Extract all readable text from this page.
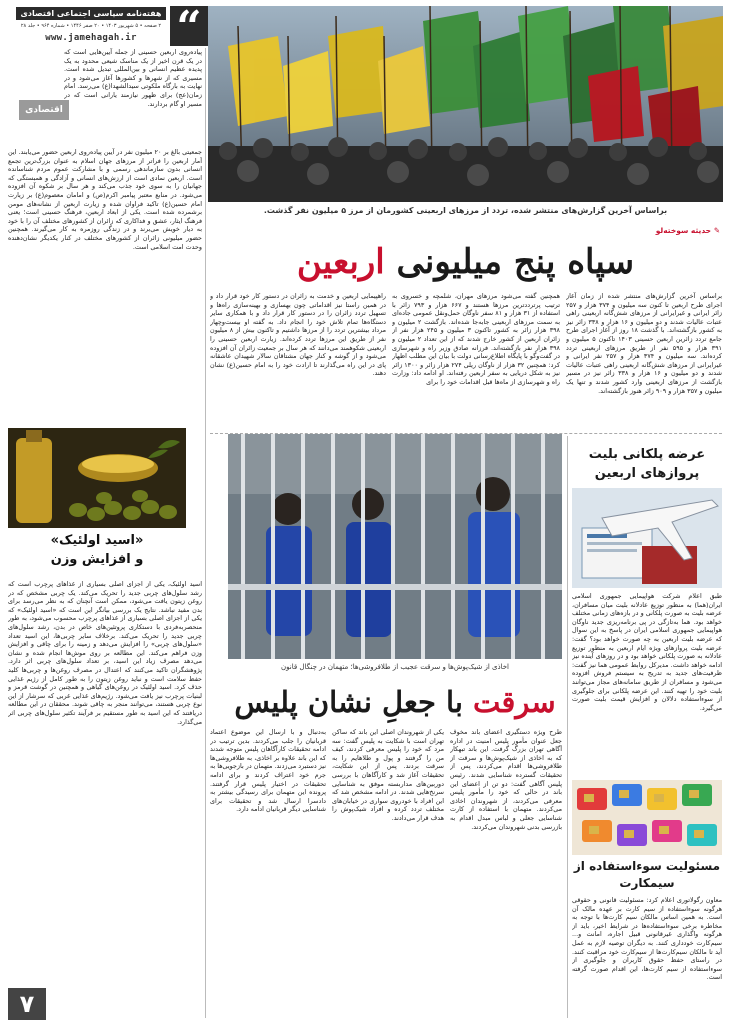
“
هفته‌نامه سیاسی اجتماعی اقتصادی
۲ صفحه • ۵ شهریور ۱۴۰۳ • ۲۰ صفر ۱۴۴۶ • شماره ۹۶۴ • جلد ۲۸
www.jamehagah.ir
پیاده‌روی اربعین حسینی از جمله آیین‌هایی است که در یک قرن اخیر از یک مناسک شیعی محدود به یک پدیده عظیم انسانی و بین‌المللی تبدیل شده است. مسیری که از شهرها و کشورها آغاز می‌شود و در نهایت به بارگاه ملکوتی سیدالشهدا(ع) می‌رسد. امام زمان(عج) برای ظهور نیازمند یارانی است که در مسیر او گام بردارند.
اقتصادی
جمعیتی بالغ بر ۲۰ میلیون نفر در آیین پیاده‌روی اربعین حضور می‌یابند. این آمار اربعین را فراتر از مرزهای جهان اسلام به عنوان بزرگ‌ترین تجمع انسانی بدون سازماندهی رسمی و با مشارکت عموم مردم شناسانده است. اربعین نمادی است از ارزش‌های انسانی و آزادگی و همبستگی که جهانیان را به سوی خود جذب می‌کند و هر سال بر شکوه آن افزوده می‌شود. در منابع معتبر پیامبر اکرم(ص) و امامان معصوم(ع) بر زیارت امام حسین(ع) تاکید فراوان شده و زیارت اربعین از نشانه‌های مومن برشمرده شده است. یکی از ابعاد اربعین، فرهنگ حسینی است؛ یعنی فرهنگ ایثار، عشق و فداکاری که زائران از کشورهای مختلف آن را با خود به دیار خویش می‌برند و در زندگی روزمره به کار می‌گیرند. همچنین حضور میلیونی زائران از کشورهای مختلف در کنار یکدیگر نشان‌دهنده وحدت امت اسلامی است.
براساس آخرین گزارش‌های منتشر شده، تردد از مرزهای اربعینی کشورمان از مرز ۵ میلیون نفر گذشت.
✎ حدیثه سوخته‌لو
سپاه پنج میلیونی اربعین
براساس آخرین گزارش‌های منتشر شده از زمان آغاز اجرای طرح اربعین تا کنون سه میلیون و ۳۷۴ هزار و ۲۵۷ زائر ایرانی و غیرایرانی از مرزهای شش‌گانه اربعینی راهی عتبات عالیات شدند و دو میلیون و ۱۶ هزار و ۳۳۸ زائر نیز به کشور بازگشته‌اند. با گذشت ۱۸ روز از آغاز اجرای طرح جامع تردد زائرین اربعین حسینی ۱۴۰۳ تاکنون ۵ میلیون و ۳۹۱ هزار و ۵۹۵ نفر از طریق مرزهای اربعینی تردد کرده‌اند. سه میلیون و ۳۷۴ هزار و ۲۵۷ نفر ایرانی و غیرایرانی از مرزهای شش‌گانه اربعینی راهی عتبات عالیات شدند و دو میلیون و ۱۶ هزار و ۳۳۸ زائر نیز در مسیر بازگشت از مرزهای اربعینی وارد کشور شدند و تنها یک میلیون و ۳۵۷ هزار و ۹۰۹ زائر هنوز بازگشته‌اند.
همچنین گفته می‌شود مرزهای مهران، شلمچه و خسروی به ترتیب پرترددترین مرزها هستند و ۶۶۷ هزار و ۷۹۳ زائر با استفاده از ۳۱ هزار و ۸۱ سفر ناوگان حمل‌ونقل عمومی جاده‌ای به سمت مرزهای اربعینی جابه‌جا شده‌اند. بازگشت ۲ میلیون و ۳۹۸ هزار زائر به کشور تاکنون ۳ میلیون و ۲۴۵ هزار نفر از زائران اربعین از کشور خارج شدند که از این تعداد ۲ میلیون و ۳۹۸ هزار نفر بازگشته‌اند. فرزانه صادق وزیر راه و شهرسازی در گفت‌وگو با پایگاه اطلاع‌رسانی دولت با بیان این مطلب اظهار کرد: همچنین ۳۲ هزار از ناوگان ریلی ۲۷۴ هزار زائر و ۱۳۰۰ زائر نیز به شکل دریایی به سفر اربعین رفته‌اند. او ادامه داد: وزارت راه و شهرسازی از ماه‌ها قبل اقدامات خود را برای
راهپیمایی اربعین و خدمت به زائران در دستور کار خود قرار داد و در همین راستا نیز اقداماتی چون بهسازی و بهینه‌سازی راه‌ها و تسهیل تردد زائران را در دستور کار قرار داد و با همکاری سایر دستگاه‌ها تمام تلاش خود را انجام داد. به گفته او بیست‌وچهار مرداد بیشترین تردد را از مرزها داشتیم و تاکنون بیش از ۸ میلیون نفر از طریق این مرزها تردد کرده‌اند. زیارت اربعین حسینی را اربعینی شکوهمند می‌دانند که هر سال بر جمعیت زائران آن افزوده می‌شود و از گوشه و کنار جهان مشتاقان سالار شهیدان عاشقانه پای در این راه می‌گذارند تا ارادت خود را به امام حسین(ع) نشان دهند.
«اسید اولئیک»
و افزایش وزن
اسید اولئیک، یکی از اجزای اصلی بسیاری از غذاهای پرچرب است که رشد سلول‌های چربی جدید را تحریک می‌کند. یک چربی مشخص که در روغن زیتون یافت می‌شود، ممکن است آنچنان که به نظر می‌رسد برای بدن مفید نباشد. نتایج یک بررسی بیانگر این است که «اسید اولئیک» که یکی از اجزای اصلی بسیاری از غذاهای پرچرب محسوب می‌شود، به طور منحصربه‌فردی با دستکاری پروتئین‌های خاص در بدن، رشد سلول‌های چربی جدید را تحریک می‌کند. برخلاف سایر چربی‌ها، این اسید تعداد «سلول‌های چربی» را افزایش می‌دهد و زمینه را برای چاقی و افزایش وزن فراهم می‌کند. این مطالعه بر روی موش‌ها انجام شده و نشان می‌دهد مصرف زیاد این اسید، بر تعداد سلول‌های چربی اثر دارد. پژوهشگران تاکید می‌کنند که اعتدال در مصرف روغن‌ها و چربی‌ها کلید حفظ سلامت است و نباید روغن زیتون را به طور کامل از رژیم غذایی حذف کرد. اسید اولئیک در روغن‌های گیاهی و همچنین در گوشت قرمز و لبنیات پرچرب نیز یافت می‌شود. رژیم‌های غذایی غربی که سرشار از این نوع چربی هستند، می‌توانند منجر به چاقی شوند. محققان در این مطالعه دریافتند که این اسید به طور مستقیم بر فرآیند تکثیر سلول‌های چربی اثر می‌گذارد.
۷
اخاذی از شیک‌پوش‌ها و سرقت عجیب از طلافروشی‌ها؛ متهمان در چنگال قانون
سرقت با جعلِ نشان پلیس
طرح ویژه دستگیری اعضای باند مخوف جعل عنوان مأمور پلیس امنیت در اداره آگاهی تهران بزرگ گرفت. این باند تبهکار که به اخاذی از شیک‌پوش‌ها و سرقت از طلافروشی‌ها اقدام می‌کردند، پس از تحقیقات گسترده شناسایی شدند. رئیس پلیس آگاهی گفت: دو تن از اعضای این باند در حالی که خود را مأمور پلیس معرفی می‌کردند، از شهروندان اخاذی می‌کردند. متهمان با استفاده از کارت شناسایی جعلی و لباس مبدل اقدام به بازرسی بدنی شهروندان می‌کردند.
یکی از شهروندان اصلی این باند که ساکن تهران است با شکایت به پلیس گفت: سه مرد که خود را پلیس معرفی کردند، کیف من را گرفتند و پول و طلاهایم را به سرقت بردند. پس از این شکایت، تحقیقات آغاز شد و کارآگاهان با بررسی دوربین‌های مداربسته موفق به شناسایی سرنخ‌هایی شدند. در ادامه مشخص شد که این افراد با خودروی سواری در خیابان‌های مختلف تردد کرده و افراد شیک‌پوش را هدف قرار می‌دادند.
به‌دنبال و با ارسال این موضوع اعتماد قربانیان را جلب می‌کردند. بدین ترتیب در ادامه تحقیقات کارآگاهان پلیس متوجه شدند که این باند علاوه بر اخاذی، به طلافروشی‌ها نیز دستبرد می‌زدند. متهمان در بازجویی‌ها به جرم خود اعتراف کردند و برای ادامه تحقیقات در اختیار پلیس قرار گرفتند. پرونده این متهمان برای رسیدگی بیشتر به دادسرا ارسال شد و تحقیقات برای شناسایی دیگر قربانیان ادامه دارد.
عرضه پلکانی بلیت پروازهای اربعین
طبق اعلام شرکت هواپیمایی جمهوری اسلامی ایران(هما) به منظور توزیع عادلانه بلیت میان مسافران، عرضه بلیت به صورت پلکانی و در بازه‌های زمانی مختلف خواهد بود. هما به‌تازگی در پی برنامه‌ریزی جدید ناوگان هواپیمایی جمهوری اسلامی ایران در پاسخ به این سوال که عرضه بلیت اربعین به چه صورت خواهد بود؟ گفت: عرضه بلیت پروازهای ویژه ایام اربعین به منظور توزیع عادلانه به صورت پلکانی خواهد بود و در روزهای آینده نیز ادامه خواهد داشت. مدیرکل روابط عمومی هما نیز گفت: ظرفیت‌های جدید به تدریج به سیستم فروش افزوده می‌شود و مسافران از طریق سامانه‌های مجاز می‌توانند بلیت خود را تهیه کنند. این عرضه پلکانی برای جلوگیری از سوءاستفاده دلالان و افزایش قیمت بلیت صورت می‌گیرد.
مسئولیت سوءاستفاده از سیمکارت
معاون رگولاتوری اعلام کرد: مسئولیت قانونی و حقوقی هرگونه سوءاستفاده از سیم کارت بر عهده مالک آن است. به همین اساس مالکان سیم کارت‌ها با توجه به مخاطره برخی سوءاستفاده‌ها در شرایط اخیر، باید از هرگونه واگذاری غیرقانونی قبیل اجاره، امانت و... سیم‌کارت خودداری کنند. به دیگران توصیه لازم به عمل آید تا مالکان سیم‌کارت‌ها از سیم‌کارت خود مراقبت کنند. در راستای حفظ حقوق کاربران و جلوگیری از سوءاستفاده از سیم کارت‌ها، این اقدام صورت گرفته است.
